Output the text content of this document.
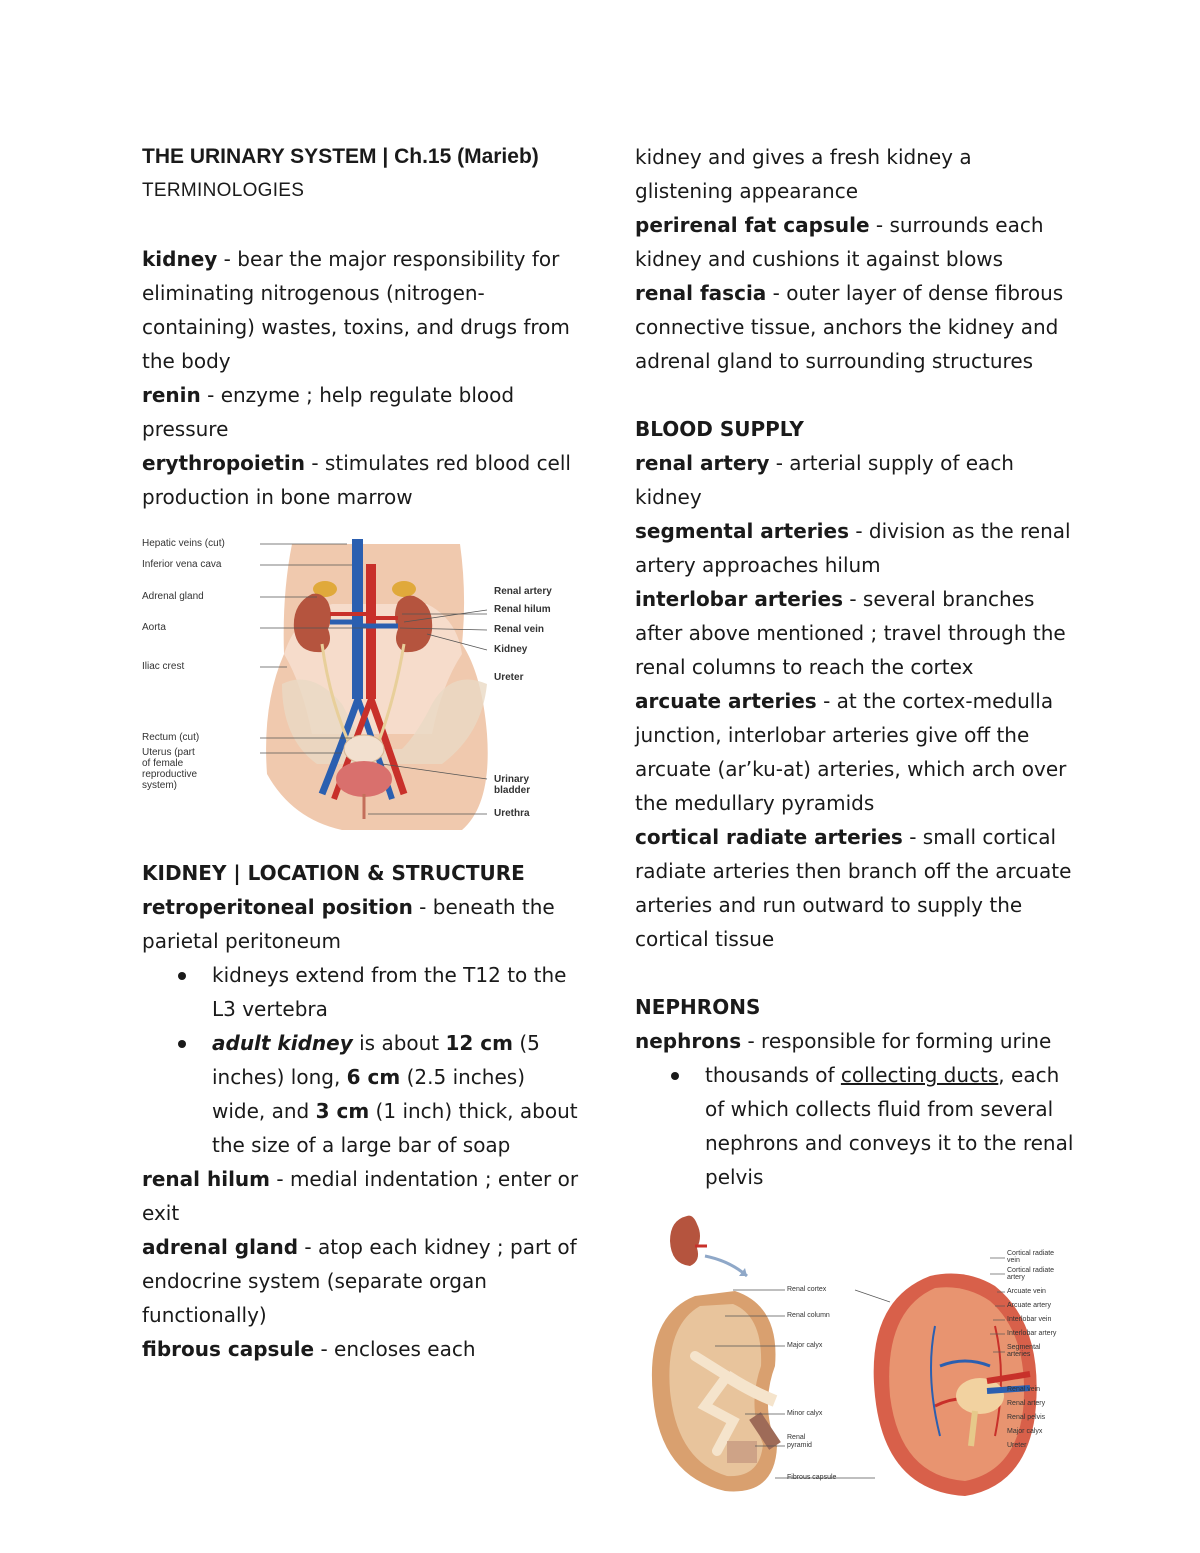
THE URINARY SYSTEM | Ch.15 (Marieb)

TERMINOLOGIES

kidney - bear the major responsibility for eliminating nitrogenous (nitrogen-containing) wastes, toxins, and drugs from the body

renin - enzyme ; help regulate blood pressure

erythropoietin - stimulates red blood cell production in bone marrow

Hepatic veins (cut)
Inferior vena cava
Adrenal gland
Aorta
Iliac crest
Rectum (cut)
Uterus (part
of female
reproductive
system)
Renal artery
Renal hilum
Renal vein
Kidney
Ureter
Urinary
bladder
Urethra

KIDNEY | LOCATION & STRUCTURE

retroperitoneal position - beneath the parietal peritoneum

kidneys extend from the T12 to the L3 vertebra
adult kidney is about 12 cm (5 inches) long, 6 cm (2.5 inches) wide, and 3 cm (1 inch) thick, about the size of a large bar of soap

renal hilum - medial indentation ; enter or exit

adrenal gland - atop each kidney ; part of endocrine system (separate organ functionally)

fibrous capsule - encloses each

kidney and gives a fresh kidney a glistening appearance

perirenal fat capsule - surrounds each kidney and cushions it against blows

renal fascia - outer layer of dense fibrous connective tissue, anchors the kidney and adrenal gland to surrounding structures

BLOOD SUPPLY

renal artery - arterial supply of each kidney

segmental arteries - division as the renal artery approaches hilum

interlobar arteries - several branches after above mentioned ; travel through the renal columns to reach the cortex

arcuate arteries - at the cortex-medulla junction, interlobar arteries give off the arcuate (ar’ku-at) arteries, which arch over the medullary pyramids

cortical radiate arteries - small cortical radiate arteries then branch off the arcuate arteries and run outward to supply the cortical tissue

NEPHRONS

nephrons - responsible for forming urine

thousands of collecting ducts, each of which collects fluid from several nephrons and conveys it to the renal pelvis
Renal cortex
Renal column
Major calyx
Minor calyx
Renal
pyramid
Fibrous capsule
Cortical radiate
vein
Cortical radiate
artery
Arcuate vein
Arcuate artery
Interlobar vein
Interlobar artery
Segmental
arteries
Renal vein
Renal artery
Renal pelvis
Major calyx
Ureter
